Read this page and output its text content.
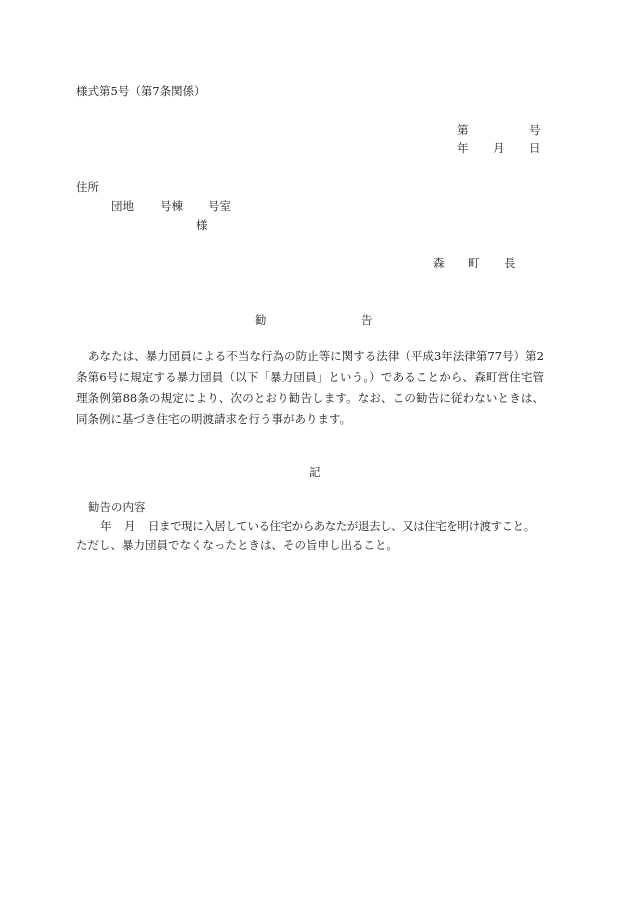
様式第5号（第7条関係）
第	号
年 月 日
住所
団地 号棟 号室
様
森 町 長
勧	告
あなたは、暴力団員による不当な行為の防止等に関する法律（平成3年法律第77号）第2条第6号に規定する暴力団員（以下「暴力団員」という。）であることから、森町営住宅管理条例第88条の規定により、次のとおり勧告します。なお、この勧告に従わないときは、同条例に基づき住宅の明渡請求を行う事があります。
記
勧告の内容
年 月 日まで現に入居している住宅からあなたが退去し、又は住宅を明け渡すこと。
ただし、暴力団員でなくなったときは、その旨申し出ること。
